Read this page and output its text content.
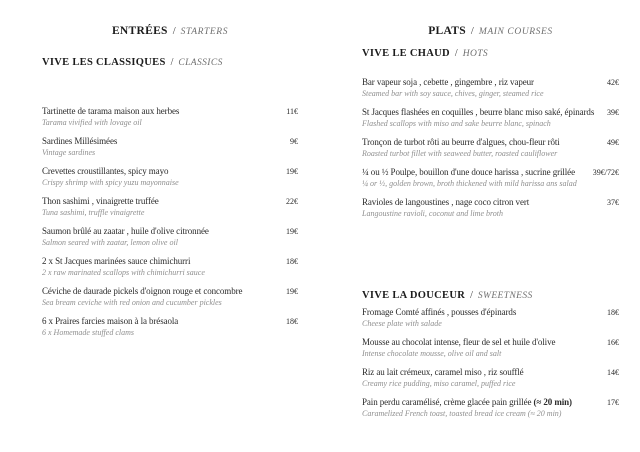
ENTRÉES / STARTERS
VIVE LES CLASSIQUES / CLASSICS
Tartinette de tarama maison aux herbes	11€
Tarama vivified with lovage oil
Sardines Millésimées	9€
Vintage sardines
Crevettes croustillantes, spicy mayo	19€
Crispy shrimp with spicy yuzu mayonnaise
Thon sashimi , vinaigrette truffée	22€
Tuna sashimi, truffle vinaigrette
Saumon brûlé au zaatar , huile d'olive citronnée	19€
Salmon seared with zaatar, lemon olive oil
2 x St Jacques marinées sauce chimichurri	18€
2 x raw marinated scallops with chimichurri sauce
Céviche de daurade pickels d'oignon rouge et concombre	19€
Sea bream ceviche with red onion and cucumber pickles
6 x Praires farcies maison à la brésaola	18€
6 x Homemade stuffed clams
PLATS / MAIN COURSES
VIVE LE CHAUD / HOTS
Bar vapeur soja , cebette , gingembre , riz vapeur	42€
Steamed bar with soy sauce, chives, ginger, steamed rice
St Jacques flashées en coquilles , beurre blanc miso saké, épinards	39€
Flashed scallops with miso and sake beurre blanc, spinach
Tronçon de turbot rôti au beurre d'algues, chou-fleur rôti	49€
Roasted turbot fillet with seaweed butter, roasted cauliflower
¼ ou ½ Poulpe, bouillon d'une douce harissa , sucrine grillée	39€/72€
¼ or ½, golden brown, broth thickened with mild harissa ans salad
Ravioles de langoustines , nage coco citron vert	37€
Langoustine ravioli, coconut and lime broth
VIVE LA DOUCEUR / SWEETNESS
Fromage Comté affinés , pousses d'épinards	18€
Cheese plate with salade
Mousse au chocolat intense, fleur de sel et huile d'olive	16€
Intense chocolate mousse, olive oil and salt
Riz au lait crémeux, caramel miso , riz soufflé	14€
Creamy rice pudding, miso caramel, puffed rice
Pain perdu caramélisé, crème glacée pain grillée (≈ 20 min)	17€
Caramelized French toast, toasted bread ice cream (≈ 20 min)
